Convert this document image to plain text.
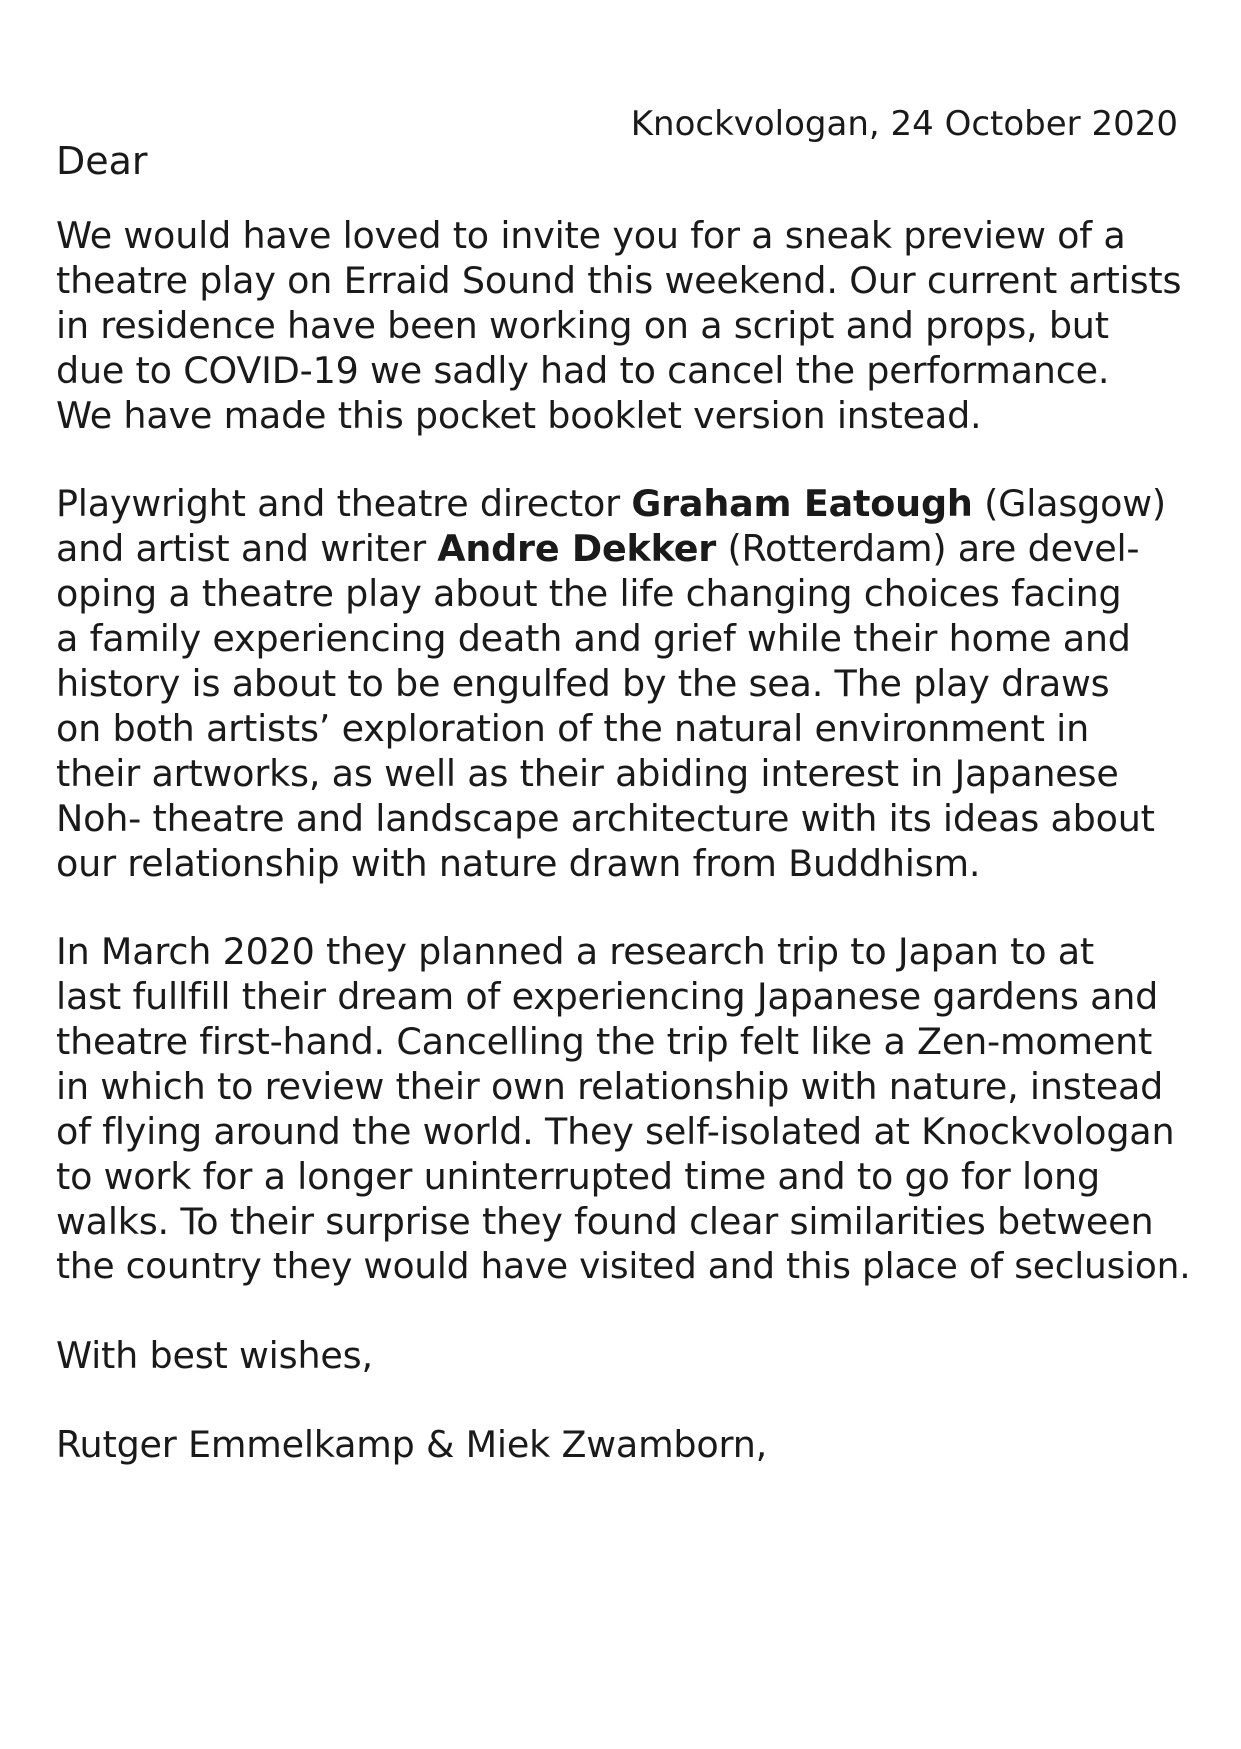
Knockvologan, 24 October 2020
Dear
We would have loved to invite you for a sneak preview of a
theatre play on Erraid Sound this weekend. Our current artists
in residence have been working on a script and props, but
due to COVID-19 we sadly had to cancel the performance.
We have made this pocket booklet version instead.
Playwright and theatre director Graham Eatough (Glasgow)
and artist and writer Andre Dekker (Rotterdam) are devel-
oping a theatre play about the life changing choices facing
a family experiencing death and grief while their home and
history is about to be engulfed by the sea. The play draws
on both artists’ exploration of the natural environment in
their artworks, as well as their abiding interest in Japanese
Noh- theatre and landscape architecture with its ideas about
our relationship with nature drawn from Buddhism.
In March 2020 they planned a research trip to Japan to at
last fullfill their dream of experiencing Japanese gardens and
theatre first-hand. Cancelling the trip felt like a Zen-moment
in which to review their own relationship with nature, instead
of flying around the world. They self-isolated at Knockvologan
to work for a longer uninterrupted time and to go for long
walks. To their surprise they found clear similarities between
the country they would have visited and this place of seclusion.
With best wishes,
Rutger Emmelkamp & Miek Zwamborn,
